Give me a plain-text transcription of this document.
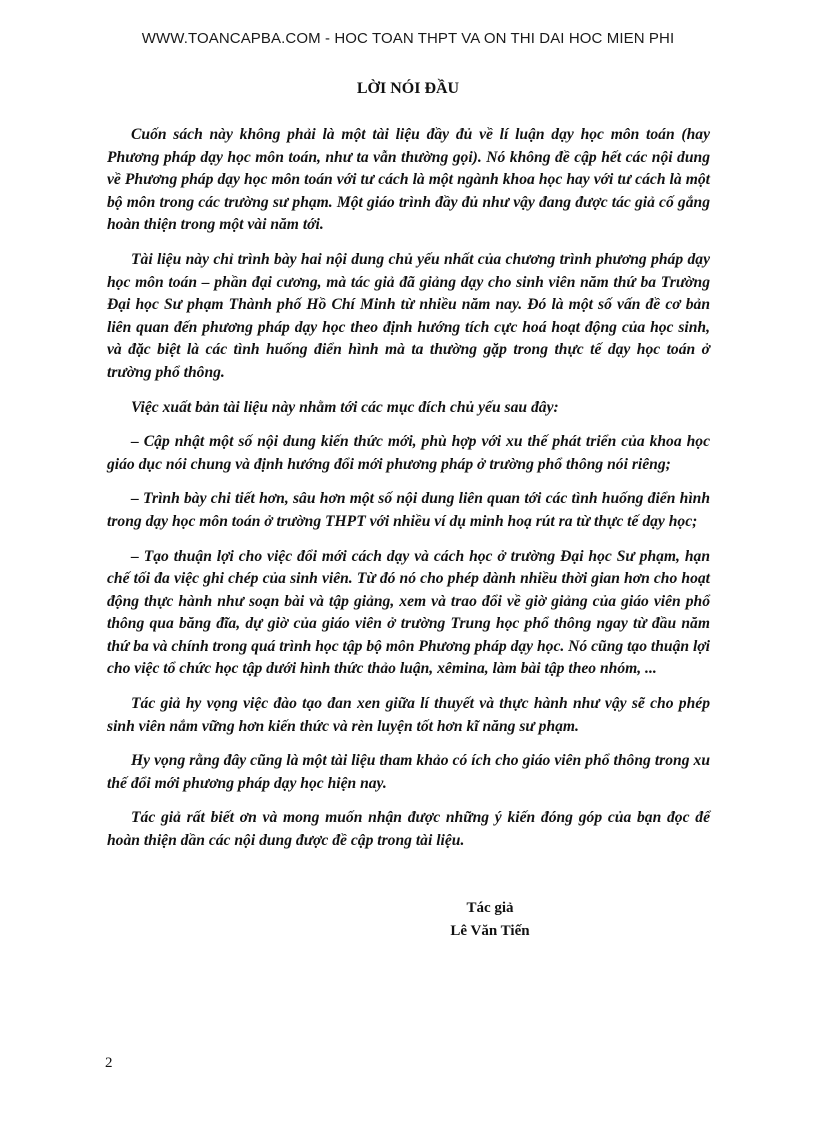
WWW.TOANCAPBA.COM - HOC TOAN THPT VA ON THI DAI HOC MIEN PHI
LỜI NÓI ĐẦU

Cuốn sách này không phải là một tài liệu đầy đủ về lí luận dạy học môn toán (hay Phương pháp dạy học môn toán, như ta vẫn thường gọi). Nó không đề cập hết các nội dung về Phương pháp dạy học môn toán với tư cách là một ngành khoa học hay với tư cách là một bộ môn trong các trường sư phạm. Một giáo trình đầy đủ như vậy đang được tác giả cố gắng hoàn thiện trong một vài năm tới.

Tài liệu này chỉ trình bày hai nội dung chủ yếu nhất của chương trình phương pháp dạy học môn toán – phần đại cương, mà tác giả đã giảng dạy cho sinh viên năm thứ ba Trường Đại học Sư phạm Thành phố Hồ Chí Minh từ nhiều năm nay. Đó là một số vấn đề cơ bản liên quan đến phương pháp dạy học theo định hướng tích cực hoá hoạt động của học sinh, và đặc biệt là các tình huống điển hình mà ta thường gặp trong thực tế dạy học toán ở trường phổ thông.

Việc xuất bản tài liệu này nhằm tới các mục đích chủ yếu sau đây:

– Cập nhật một số nội dung kiến thức mới, phù hợp với xu thế phát triển của khoa học giáo dục nói chung và định hướng đổi mới phương pháp ở trường phổ thông nói riêng;

– Trình bày chi tiết hơn, sâu hơn một số nội dung liên quan tới các tình huống điển hình trong dạy học môn toán ở trường THPT với nhiều ví dụ minh hoạ rút ra từ thực tế dạy học;

– Tạo thuận lợi cho việc đổi mới cách dạy và cách học ở trường Đại học Sư phạm, hạn chế tối đa việc ghi chép của sinh viên. Từ đó nó cho phép dành nhiều thời gian hơn cho hoạt động thực hành như soạn bài và tập giảng, xem và trao đổi về giờ giảng của giáo viên phổ thông qua băng đĩa, dự giờ của giáo viên ở trường Trung học phổ thông ngay từ đầu năm thứ ba và chính trong quá trình học tập bộ môn Phương pháp dạy học. Nó cũng tạo thuận lợi cho việc tổ chức học tập dưới hình thức thảo luận, xêmina, làm bài tập theo nhóm, ...

Tác giả hy vọng việc đào tạo đan xen giữa lí thuyết và thực hành như vậy sẽ cho phép sinh viên nắm vững hơn kiến thức và rèn luyện tốt hơn kĩ năng sư phạm.

Hy vọng rằng đây cũng là một tài liệu tham khảo có ích cho giáo viên phổ thông trong xu thế đổi mới phương pháp dạy học hiện nay.

Tác giả rất biết ơn và mong muốn nhận được những ý kiến đóng góp của bạn đọc để hoàn thiện dần các nội dung được đề cập trong tài liệu.

Tác giả
Lê Văn Tiến
2
